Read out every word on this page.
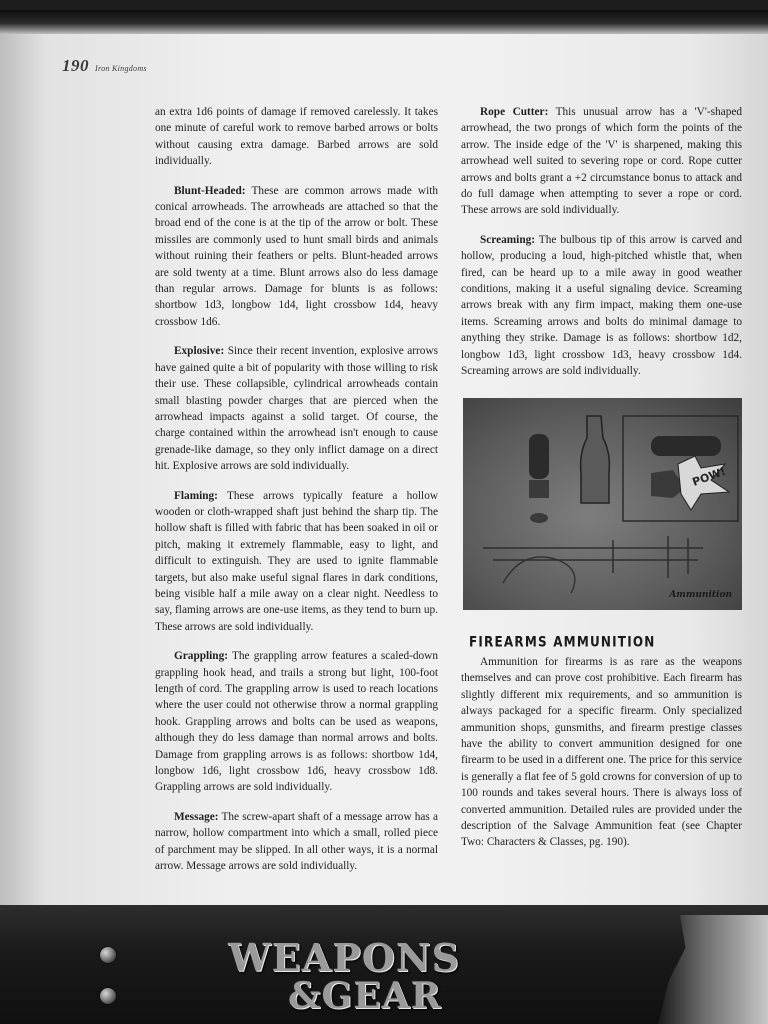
190 Iron Kingdoms

an extra 1d6 points of damage if removed carelessly. It takes one minute of careful work to remove barbed arrows or bolts without causing extra damage. Barbed arrows are sold individually.

Blunt-Headed: These are common arrows made with conical arrowheads. The arrowheads are attached so that the broad end of the cone is at the tip of the arrow or bolt. These missiles are commonly used to hunt small birds and animals without ruining their feathers or pelts. Blunt-headed arrows are sold twenty at a time. Blunt arrows also do less damage than regular arrows. Damage for blunts is as follows: shortbow 1d3, longbow 1d4, light crossbow 1d4, heavy crossbow 1d6.

Explosive: Since their recent invention, explosive arrows have gained quite a bit of popularity with those willing to risk their use. These collapsible, cylindrical arrowheads contain small blasting powder charges that are pierced when the arrowhead impacts against a solid target. Of course, the charge contained within the arrowhead isn't enough to cause grenade-like damage, so they only inflict damage on a direct hit. Explosive arrows are sold individually.

Flaming: These arrows typically feature a hollow wooden or cloth-wrapped shaft just behind the sharp tip. The hollow shaft is filled with fabric that has been soaked in oil or pitch, making it extremely flammable, easy to light, and difficult to extinguish. They are used to ignite flammable targets, but also make useful signal flares in dark conditions, being visible half a mile away on a clear night. Needless to say, flaming arrows are one-use items, as they tend to burn up. These arrows are sold individually.

Grappling: The grappling arrow features a scaled-down grappling hook head, and trails a strong but light, 100-foot length of cord. The grappling arrow is used to reach locations where the user could not otherwise throw a normal grappling hook. Grappling arrows and bolts can be used as weapons, although they do less damage than normal arrows and bolts. Damage from grappling arrows is as follows: shortbow 1d4, longbow 1d6, light crossbow 1d6, heavy crossbow 1d8. Grappling arrows are sold individually.

Message: The screw-apart shaft of a message arrow has a narrow, hollow compartment into which a small, rolled piece of parchment may be slipped. In all other ways, it is a normal arrow. Message arrows are sold individually.

Rope Cutter: This unusual arrow has a 'V'-shaped arrowhead, the two prongs of which form the points of the arrow. The inside edge of the 'V' is sharpened, making this arrowhead well suited to severing rope or cord. Rope cutter arrows and bolts grant a +2 circumstance bonus to attack and do full damage when attempting to sever a rope or cord. These arrows are sold individually.

Screaming: The bulbous tip of this arrow is carved and hollow, producing a loud, high-pitched whistle that, when fired, can be heard up to a mile away in good weather conditions, making it a useful signaling device. Screaming arrows break with any firm impact, making them one-use items. Screaming arrows and bolts do minimal damage to anything they strike. Damage is as follows: shortbow 1d2, longbow 1d3, light crossbow 1d3, heavy crossbow 1d4. Screaming arrows are sold individually.

POW!
Ammunition
FIREARMS AMMUNITION

Ammunition for firearms is as rare as the weapons themselves and can prove cost prohibitive. Each firearm has slightly different mix requirements, and so ammunition is always packaged for a specific firearm. Only specialized ammunition shops, gunsmiths, and firearm prestige classes have the ability to convert ammunition designed for one firearm to be used in a different one. The price for this service is generally a flat fee of 5 gold crowns for conversion of up to 100 rounds and takes several hours. There is always loss of converted ammunition. Detailed rules are provided under the description of the Salvage Ammunition feat (see Chapter Two: Characters & Classes, pg. 190).

WEAPONS
&GEAR
